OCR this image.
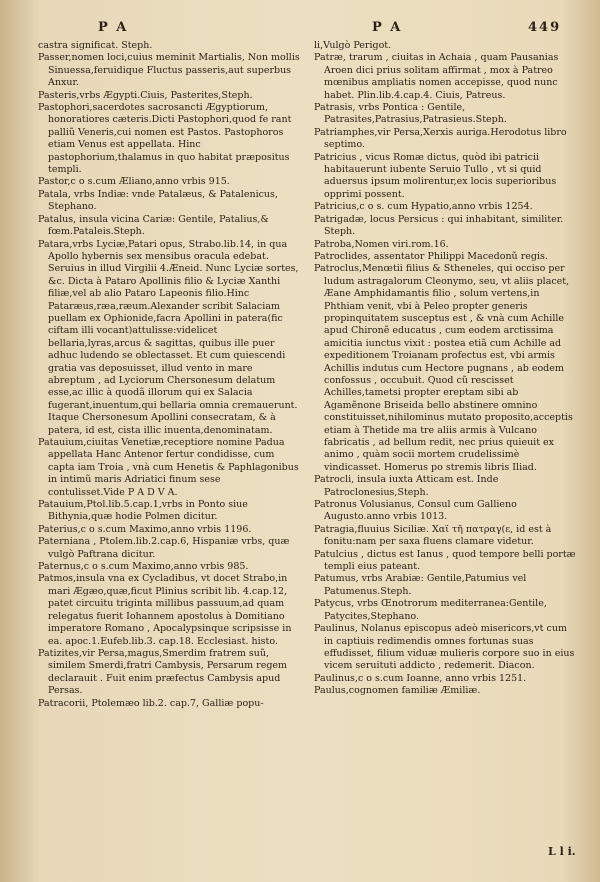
P A	P A	449

castra significat. Steph.

Passer,nomen loci,cuius meminit Martialis, Non mollis Sinuessa,feruidique Fluctus passeris,aut superbus Anxur.

Pasteris,vrbs Ægypti.Ciuis, Pasterites,Steph.

Pastophori,sacerdotes sacrosancti Ægyptiorum, honoratiores cæteris.Dicti Pastophori,quod fe rant palliũ Veneris,cui nomen est Pastos. Pastophoros etiam Venus est appellata. Hinc pastophorium,thalamus in quo habitat præpositus templi.

Pastor,c o s.cum Æliano,anno vrbis 915.

Patala, vrbs Indiæ: vnde Patalæus, & Patalenicus, Stephano.

Patalus, insula vicina Cariæ: Gentile, Patalius,& fœm.Pataleis.Steph.

Patara,vrbs Lyciæ,Patari opus, Strabo.lib.14, in qua Apollo hybernis sex mensibus oracula edebat. Seruius in illud Virgilii 4.Æneid. Nunc Lyciæ sortes, &c. Dicta à Pataro Apollinis filio & Lyciæ Xanthi filiæ,vel ab alio Pataro Lapeonis filio.Hinc Pataræus,ræa,ræum.Alexander scribit Salaciam puellam ex Ophionide,facra Apollini in patera(fic ciftam illi vocant)attulisse:videlicet bellaria,lyras,arcus & sagittas, quibus ille puer adhuc ludendo se oblectasset. Et cum quiescendi gratia vas deposuisset, illud vento in mare abreptum , ad Lyciorum Chersonesum delatum esse,ac illic à quodã illorum qui ex Salacia fugerant,inuentum,qui bellaria omnia cremauerunt. Itaque Chersonesum Apollini consecratam, & à patera, id est, cista illic inuenta,denominatam.

Patauium,ciuitas Venetiæ,receptiore nomine Padua appellata Hanc Antenor fertur condidisse, cum capta iam Troia , vnà cum Henetis & Paphlagonibus in intimũ maris Adriatici finum sese contulisset.Vide P A D V A.

Patauium,Ptol.lib.5.cap.1,vrbs in Ponto siue Bithynia,quæ hodie Polmen dicitur.

Paterius,c o s.cum Maximo,anno vrbis 1196.

Paterniana , Ptolem.lib.2.cap.6, Hispaniæ vrbs, quæ vulgò Paftrana dicitur.

Paternus,c o s.cum Maximo,anno vrbis 985.

Patmos,insula vna ex Cycladibus, vt docet Strabo,in mari Ægæo,quæ,ficut Plinius scribit lib. 4.cap.12, patet circuitu triginta millibus passuum,ad quam relegatus fuerit Iohannem apostolus à Domitiano imperatore Romano , Apocalypsinque scripsisse in ea. apoc.1.Eufeb.lib.3. cap.18. Ecclesiast. histo.

Patizites,vir Persa,magus,Smerdim fratrem suũ, similem Smerdi,fratri Cambysis, Persarum regem declarauit . Fuit enim præfectus Cambysis apud Persas.

Patracorii, Ptolemæo lib.2. cap.7, Galliæ popu-

li,Vulgò Perigot.

Patræ, trarum , ciuitas in Achaia , quam Pausanias Aroen dici prius solitam affirmat , mox à Patreo mœnibus ampliatis nomen accepisse, quod nunc habet. Plin.lib.4.cap.4. Ciuis, Patreus.

Patrasis, vrbs Pontica : Gentile, Patrasites,Patrasius,Patrasieus.Steph.

Patriamphes,vir Persa,Xerxis auriga.Herodotus libro septimo.

Patricius , vicus Romæ dictus, quòd ibi patricii habitauerunt iubente Seruio Tullo , vt si quid aduersus ipsum molirentur,ex locis superioribus opprimi possent.

Patricius,c o s. cum Hypatio,anno vrbis 1254.

Patrigadæ, locus Persicus : qui inhabitant, similiter. Steph.

Patroba,Nomen viri.rom.16.

Patroclides, assentator Philippi Macedonũ regis.

Patroclus,Menœtii filius & Stheneles, qui occiso per ludum astragalorum Cleonymo, seu, vt aliis placet, Æane Amphidamantis filio , solum vertens,in Phthiam venit, vbi à Peleo propter generis propinquitatem susceptus est , & vnà cum Achille apud Chironẽ educatus , cum eodem arctissima amicitia iunctus vixit : postea etiã cum Achille ad expeditionem Troianam profectus est, vbi armis Achillis indutus cum Hectore pugnans , ab eodem confossus , occubuit. Quod cũ rescisset Achilles,tametsi propter ereptam sibi ab Agamẽnone Briseida bello abstinere omnino constituisset,nihilominus mutato proposito,acceptis etiam à Thetide ma tre aliis armis à Vulcano fabricatis , ad bellum redit, nec prius quieuit ex animo , quàm socii mortem crudelissimè vindicasset. Homerus po stremis libris Iliad.

Patrocli, insula iuxta Atticam est. Inde Patroclonesius,Steph.

Patronus Volusianus, Consul cum Gallieno Augusto.anno vrbis 1013.

Patragia,fluuius Siciliæ. Χαϊ τῆ πατραγ(ε, id est à fonitu:nam per saxa fluens clamare videtur.

Patulcius , dictus est Ianus , quod tempore belli portæ templi eius pateant.

Patumus, vrbs Arabiæ: Gentile,Patumius vel Patumenus.Steph.

Patycus, vrbs Œnotrorum mediterranea:Gentile, Patycites,Stephano.

Paulinus, Nolanus episcopus adeò misericors,vt cum in captiuis redimendis omnes fortunas suas effudisset, filium viduæ mulieris corpore suo in eius vicem seruituti addicto , redemerit. Diacon.

Paulinus,c o s.cum Ioanne, anno vrbis 1251.

Paulus,cognomen familiæ Æmiliæ.

L l i.
